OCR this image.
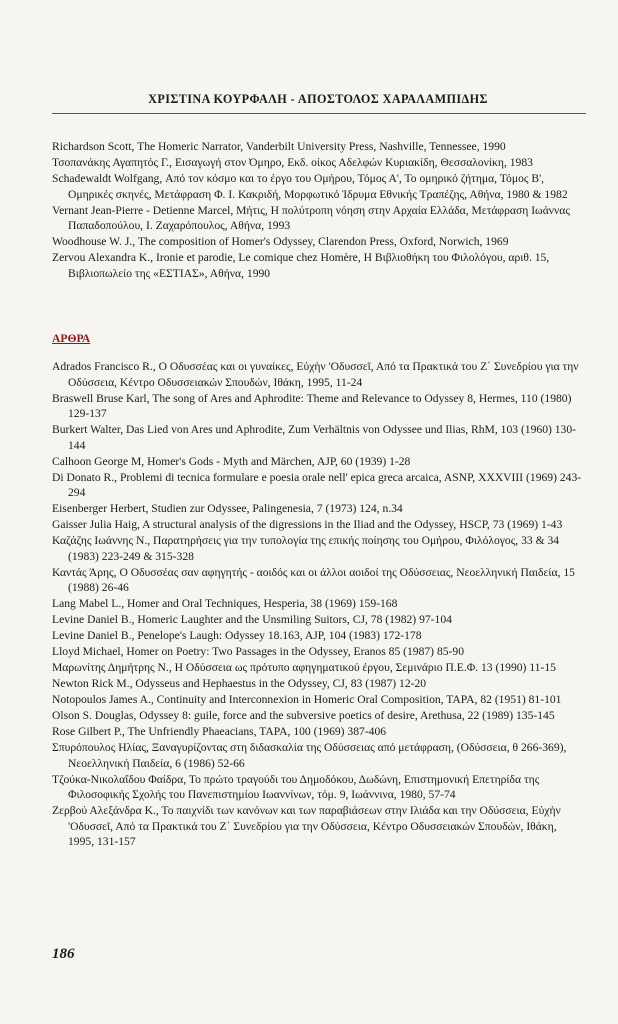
ΧΡΙΣΤΙΝΑ ΚΟΥΡΦΑΛΗ - ΑΠΟΣΤΟΛΟΣ ΧΑΡΑΛΑΜΠΙΔΗΣ

Richardson Scott, The Homeric Narrator, Vanderbilt University Press, Nashville, Tennessee, 1990

Τσοπανάκης Αγαπητός Γ., Εισαγωγή στον Όμηρο, Εκδ. οίκος Αδελφών Κυριακίδη, Θεσσαλονίκη, 1983

Schadewaldt Wolfgang, Από τον κόσμο και το έργο του Ομήρου, Τόμος Α', Το ομηρικό ζήτημα, Τόμος Β', Ομηρικές σκηνές, Μετάφραση Φ. Ι. Κακριδή, Μορφωτικό Ίδρυμα Εθνικής Τραπέζης, Αθήνα, 1980 & 1982

Vernant Jean-Pierre - Detienne Marcel, Μήτις, Η πολύτροπη νόηση στην Αρχαία Ελλάδα, Μετάφραση Ιωάννας Παπαδοπούλου, Ι. Ζαχαρόπουλος, Αθήνα, 1993

Woodhouse W. J., The composition of Homer's Odyssey, Clarendon Press, Oxford, Norwich, 1969

Zervou Alexandra K., Ironie et parodie, Le comique chez Homère, Η Βιβλιοθήκη του Φιλολόγου, αριθ. 15, Βιβλιοπωλείο της «ΕΣΤΙΑΣ», Αθήνα, 1990

ΑΡΘΡΑ

Adrados Francisco R., Ο Οδυσσέας και οι γυναίκες, Εὐχὴν 'Οδυσσεῖ, Από τα Πρακτικά του Ζ΄ Συνεδρίου για την Οδύσσεια, Κέντρο Οδυσσειακών Σπουδών, Ιθάκη, 1995, 11-24

Braswell Bruse Karl, The song of Ares and Aphrodite: Theme and Relevance to Odyssey 8, Hermes, 110 (1980) 129-137

Burkert Walter, Das Lied von Ares und Aphrodite, Zum Verhältnis von Odyssee und Ilias, RhM, 103 (1960) 130-144

Calhoon George M, Homer's Gods - Myth and Märchen, AJP, 60 (1939) 1-28

Di Donato R., Problemi di tecnica formulare e poesia orale nell' epica greca arcaica, ASNP, XXXVIII (1969) 243-294

Eisenberger Herbert, Studien zur Odyssee, Palingenesia, 7 (1973) 124, n.34

Gaisser Julia Haig, A structural analysis of the digressions in the Iliad and the Odyssey, HSCP, 73 (1969) 1-43

Καζάζης Ιωάννης Ν., Παρατηρήσεις για την τυπολογία της επικής ποίησης του Ομήρου, Φιλόλογος, 33 & 34 (1983) 223-249 & 315-328

Καντάς Άρης, Ο Οδυσσέας σαν αφηγητής - αοιδός και οι άλλοι αοιδοί της Οδύσσειας, Νεοελληνική Παιδεία, 15 (1988) 26-46

Lang Mabel L., Homer and Oral Techniques, Hesperia, 38 (1969) 159-168

Levine Daniel B., Homeric Laughter and the Unsmiling Suitors, CJ, 78 (1982) 97-104

Levine Daniel B., Penelope's Laugh: Odyssey 18.163, AJP, 104 (1983) 172-178

Lloyd Michael, Homer on Poetry: Two Passages in the Odyssey, Eranos 85 (1987) 85-90

Μαρωνίτης Δημήτρης Ν., Η Οδύσσεια ως πρότυπο αφηγηματικού έργου, Σεμινάριο Π.Ε.Φ. 13 (1990) 11-15

Newton Rick M., Odysseus and Hephaestus in the Odyssey, CJ, 83 (1987) 12-20

Notopoulos James A., Continuity and Interconnexion in Homeric Oral Composition, TAPA, 82 (1951) 81-101

Olson S. Douglas, Odyssey 8: guile, force and the subversive poetics of desire, Arethusa, 22 (1989) 135-145

Rose Gilbert P., The Unfriendly Phaeacians, TAPA, 100 (1969) 387-406

Σπυρόπουλος Ηλίας, Ξαναγυρίζοντας στη διδασκαλία της Οδύσσειας από μετάφραση, (Οδύσσεια, θ 266-369), Νεοελληνική Παιδεία, 6 (1986) 52-66

Τζούκα-Νικολαΐδου Φαίδρα, Το πρώτο τραγούδι του Δημοδόκου, Δωδώνη, Επιστημονική Επετηρίδα της Φιλοσοφικής Σχολής του Πανεπιστημίου Ιωαννίνων, τόμ. 9, Ιωάννινα, 1980, 57-74

Ζερβού Αλεξάνδρα Κ., Το παιχνίδι των κανόνων και των παραβιάσεων στην Ιλιάδα και την Οδύσσεια, Εὐχὴν 'Οδυσσεῖ, Από τα Πρακτικά του Ζ΄ Συνεδρίου για την Οδύσσεια, Κέντρο Οδυσσειακών Σπουδών, Ιθάκη, 1995, 131-157

186
